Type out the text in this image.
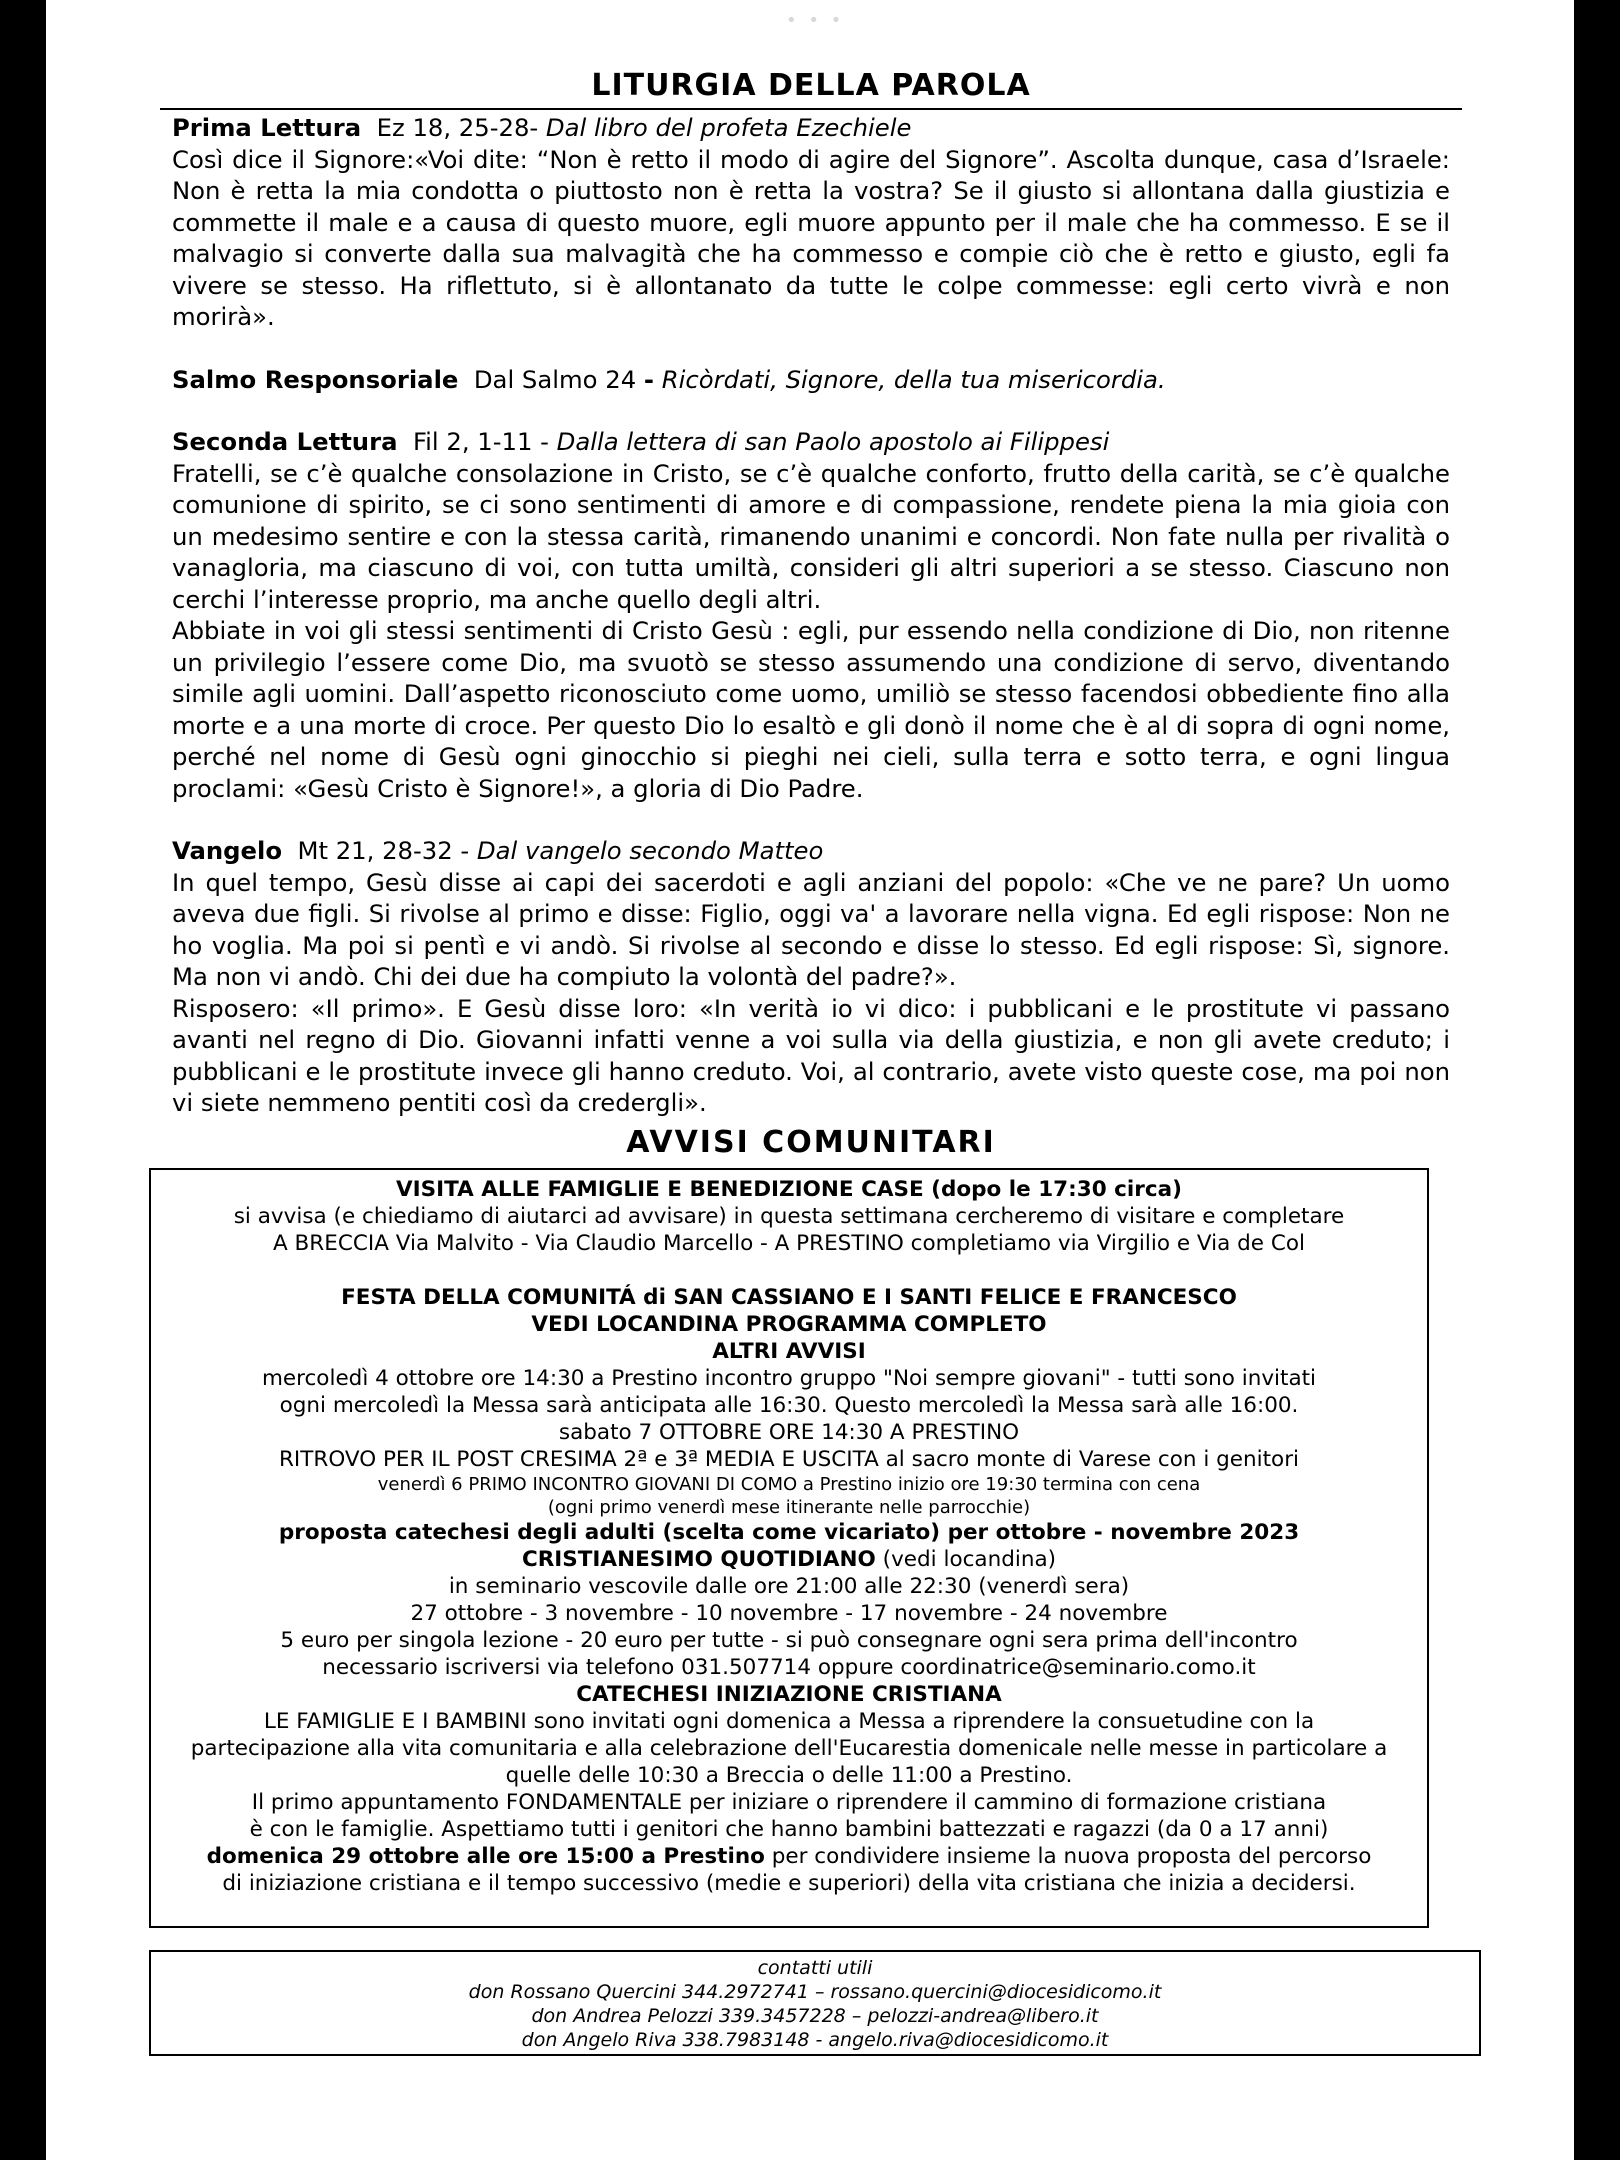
• • •
LITURGIA DELLA PAROLA

Prima Lettura Ez 18, 25-28- Dal libro del profeta Ezechiele

Così dice il Signore:«Voi dite: “Non è retto il modo di agire del Signore”. Ascolta dunque, casa d’Israele: Non è retta la mia condotta o piuttosto non è retta la vostra? Se il giusto si allontana dalla giustizia e commette il male e a causa di questo muore, egli muore appunto per il male che ha commesso. E se il malvagio si converte dalla sua malvagità che ha commesso e compie ciò che è retto e giusto, egli fa vivere se stesso. Ha riflettuto, si è allontanato da tutte le colpe commesse: egli certo vivrà e non morirà».

Salmo Responsoriale Dal Salmo 24 - Ricòrdati, Signore, della tua misericordia.

Seconda Lettura Fil 2, 1-11 - Dalla lettera di san Paolo apostolo ai Filippesi

Fratelli, se c’è qualche consolazione in Cristo, se c’è qualche conforto, frutto della carità, se c’è qualche comunione di spirito, se ci sono sentimenti di amore e di compassione, rendete piena la mia gioia con un medesimo sentire e con la stessa carità, rimanendo unanimi e concordi. Non fate nulla per rivalità o vanagloria, ma ciascuno di voi, con tutta umiltà, consideri gli altri superiori a se stesso. Ciascuno non cerchi l’interesse proprio, ma anche quello degli altri.

Abbiate in voi gli stessi sentimenti di Cristo Gesù : egli, pur essendo nella condizione di Dio, non ritenne un privilegio l’essere come Dio, ma svuotò se stesso assumendo una condizione di servo, diventando simile agli uomini. Dall’aspetto riconosciuto come uomo, umiliò se stesso facendosi obbediente fino alla morte e a una morte di croce. Per questo Dio lo esaltò e gli donò il nome che è al di sopra di ogni nome, perché nel nome di Gesù ogni ginocchio si pieghi nei cieli, sulla terra e sotto terra, e ogni lingua proclami: «Gesù Cristo è Signore!», a gloria di Dio Padre.

Vangelo Mt 21, 28-32 - Dal vangelo secondo Matteo

In quel tempo, Gesù disse ai capi dei sacerdoti e agli anziani del popolo: «Che ve ne pare? Un uomo aveva due figli. Si rivolse al primo e disse: Figlio, oggi va' a lavorare nella vigna. Ed egli rispose: Non ne ho voglia. Ma poi si pentì e vi andò. Si rivolse al secondo e disse lo stesso. Ed egli rispose: Sì, signore. Ma non vi andò. Chi dei due ha compiuto la volontà del padre?».

Risposero: «Il primo». E Gesù disse loro: «In verità io vi dico: i pubblicani e le prostitute vi passano avanti nel regno di Dio. Giovanni infatti venne a voi sulla via della giustizia, e non gli avete creduto; i pubblicani e le prostitute invece gli hanno creduto. Voi, al contrario, avete visto queste cose, ma poi non vi siete nemmeno pentiti così da credergli».

AVVISI COMUNITARI

VISITA ALLE FAMIGLIE E BENEDIZIONE CASE (dopo le 17:30 circa)

si avvisa (e chiediamo di aiutarci ad avvisare) in questa settimana cercheremo di visitare e completare

A BRECCIA Via Malvito - Via Claudio Marcello - A PRESTINO completiamo via Virgilio e Via de Col

FESTA DELLA COMUNITÁ di SAN CASSIANO E I SANTI FELICE E FRANCESCO

VEDI LOCANDINA PROGRAMMA COMPLETO

ALTRI AVVISI

mercoledì 4 ottobre ore 14:30 a Prestino incontro gruppo "Noi sempre giovani" - tutti sono invitati

ogni mercoledì la Messa sarà anticipata alle 16:30. Questo mercoledì la Messa sarà alle 16:00.

sabato 7 OTTOBRE ORE 14:30 A PRESTINO

RITROVO PER IL POST CRESIMA 2ª e 3ª MEDIA E USCITA al sacro monte di Varese con i genitori

venerdì 6 PRIMO INCONTRO GIOVANI DI COMO a Prestino inizio ore 19:30 termina con cena

(ogni primo venerdì mese itinerante nelle parrocchie)

proposta catechesi degli adulti (scelta come vicariato) per ottobre - novembre 2023

CRISTIANESIMO QUOTIDIANO (vedi locandina)

in seminario vescovile dalle ore 21:00 alle 22:30 (venerdì sera)

27 ottobre - 3 novembre - 10 novembre - 17 novembre - 24 novembre

5 euro per singola lezione - 20 euro per tutte - si può consegnare ogni sera prima dell'incontro

necessario iscriversi via telefono 031.507714 oppure coordinatrice@seminario.como.it

CATECHESI INIZIAZIONE CRISTIANA

LE FAMIGLIE E I BAMBINI sono invitati ogni domenica a Messa a riprendere la consuetudine con la

partecipazione alla vita comunitaria e alla celebrazione dell'Eucarestia domenicale nelle messe in particolare a

quelle delle 10:30 a Breccia o delle 11:00 a Prestino.

Il primo appuntamento FONDAMENTALE per iniziare o riprendere il cammino di formazione cristiana

è con le famiglie. Aspettiamo tutti i genitori che hanno bambini battezzati e ragazzi (da 0 a 17 anni)

domenica 29 ottobre alle ore 15:00 a Prestino per condividere insieme la nuova proposta del percorso

di iniziazione cristiana e il tempo successivo (medie e superiori) della vita cristiana che inizia a decidersi.

contatti utili

don Rossano Quercini 344.2972741 – rossano.quercini@diocesidicomo.it

don Andrea Pelozzi 339.3457228 – pelozzi-andrea@libero.it

don Angelo Riva 338.7983148 - angelo.riva@diocesidicomo.it
